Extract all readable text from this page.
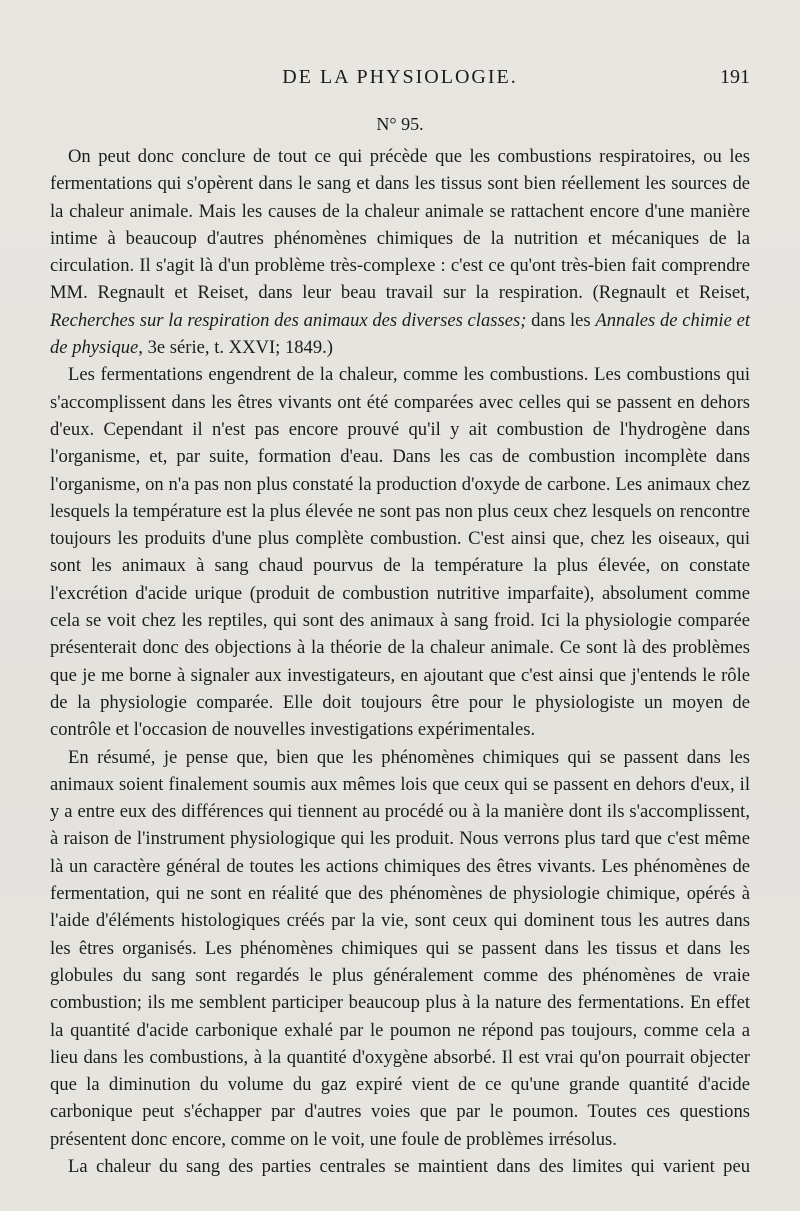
DE LA PHYSIOLOGIE.	191
N° 95.

On peut donc conclure de tout ce qui précède que les combustions respiratoires, ou les fermentations qui s'opèrent dans le sang et dans les tissus sont bien réellement les sources de la chaleur animale. Mais les causes de la chaleur animale se rattachent encore d'une manière intime à beaucoup d'autres phénomènes chimiques de la nutrition et mécaniques de la circulation. Il s'agit là d'un problème très-complexe : c'est ce qu'ont très-bien fait comprendre MM. Regnault et Reiset, dans leur beau travail sur la respiration. (Regnault et Reiset, Recherches sur la respiration des animaux des diverses classes; dans les Annales de chimie et de physique, 3e série, t. XXVI; 1849.)

Les fermentations engendrent de la chaleur, comme les combustions. Les combustions qui s'accomplissent dans les êtres vivants ont été comparées avec celles qui se passent en dehors d'eux. Cependant il n'est pas encore prouvé qu'il y ait combustion de l'hydrogène dans l'organisme, et, par suite, formation d'eau. Dans les cas de combustion incomplète dans l'organisme, on n'a pas non plus constaté la production d'oxyde de carbone. Les animaux chez lesquels la température est la plus élevée ne sont pas non plus ceux chez lesquels on rencontre toujours les produits d'une plus complète combustion. C'est ainsi que, chez les oiseaux, qui sont les animaux à sang chaud pourvus de la température la plus élevée, on constate l'excrétion d'acide urique (produit de combustion nutritive imparfaite), absolument comme cela se voit chez les reptiles, qui sont des animaux à sang froid. Ici la physiologie comparée présenterait donc des objections à la théorie de la chaleur animale. Ce sont là des problèmes que je me borne à signaler aux investigateurs, en ajoutant que c'est ainsi que j'entends le rôle de la physiologie comparée. Elle doit toujours être pour le physiologiste un moyen de contrôle et l'occasion de nouvelles investigations expérimentales.

En résumé, je pense que, bien que les phénomènes chimiques qui se passent dans les animaux soient finalement soumis aux mêmes lois que ceux qui se passent en dehors d'eux, il y a entre eux des différences qui tiennent au procédé ou à la manière dont ils s'accomplissent, à raison de l'instrument physiologique qui les produit. Nous verrons plus tard que c'est même là un caractère général de toutes les actions chimiques des êtres vivants. Les phénomènes de fermentation, qui ne sont en réalité que des phénomènes de physiologie chimique, opérés à l'aide d'éléments histologiques créés par la vie, sont ceux qui dominent tous les autres dans les êtres organisés. Les phénomènes chimiques qui se passent dans les tissus et dans les globules du sang sont regardés le plus généralement comme des phénomènes de vraie combustion; ils me semblent participer beaucoup plus à la nature des fermentations. En effet la quantité d'acide carbonique exhalé par le poumon ne répond pas toujours, comme cela a lieu dans les combustions, à la quantité d'oxygène absorbé. Il est vrai qu'on pourrait objecter que la diminution du volume du gaz expiré vient de ce qu'une grande quantité d'acide carbonique peut s'échapper par d'autres voies que par le poumon. Toutes ces questions présentent donc encore, comme on le voit, une foule de problèmes irrésolus.

La chaleur du sang des parties centrales se maintient dans des limites qui varient peu
